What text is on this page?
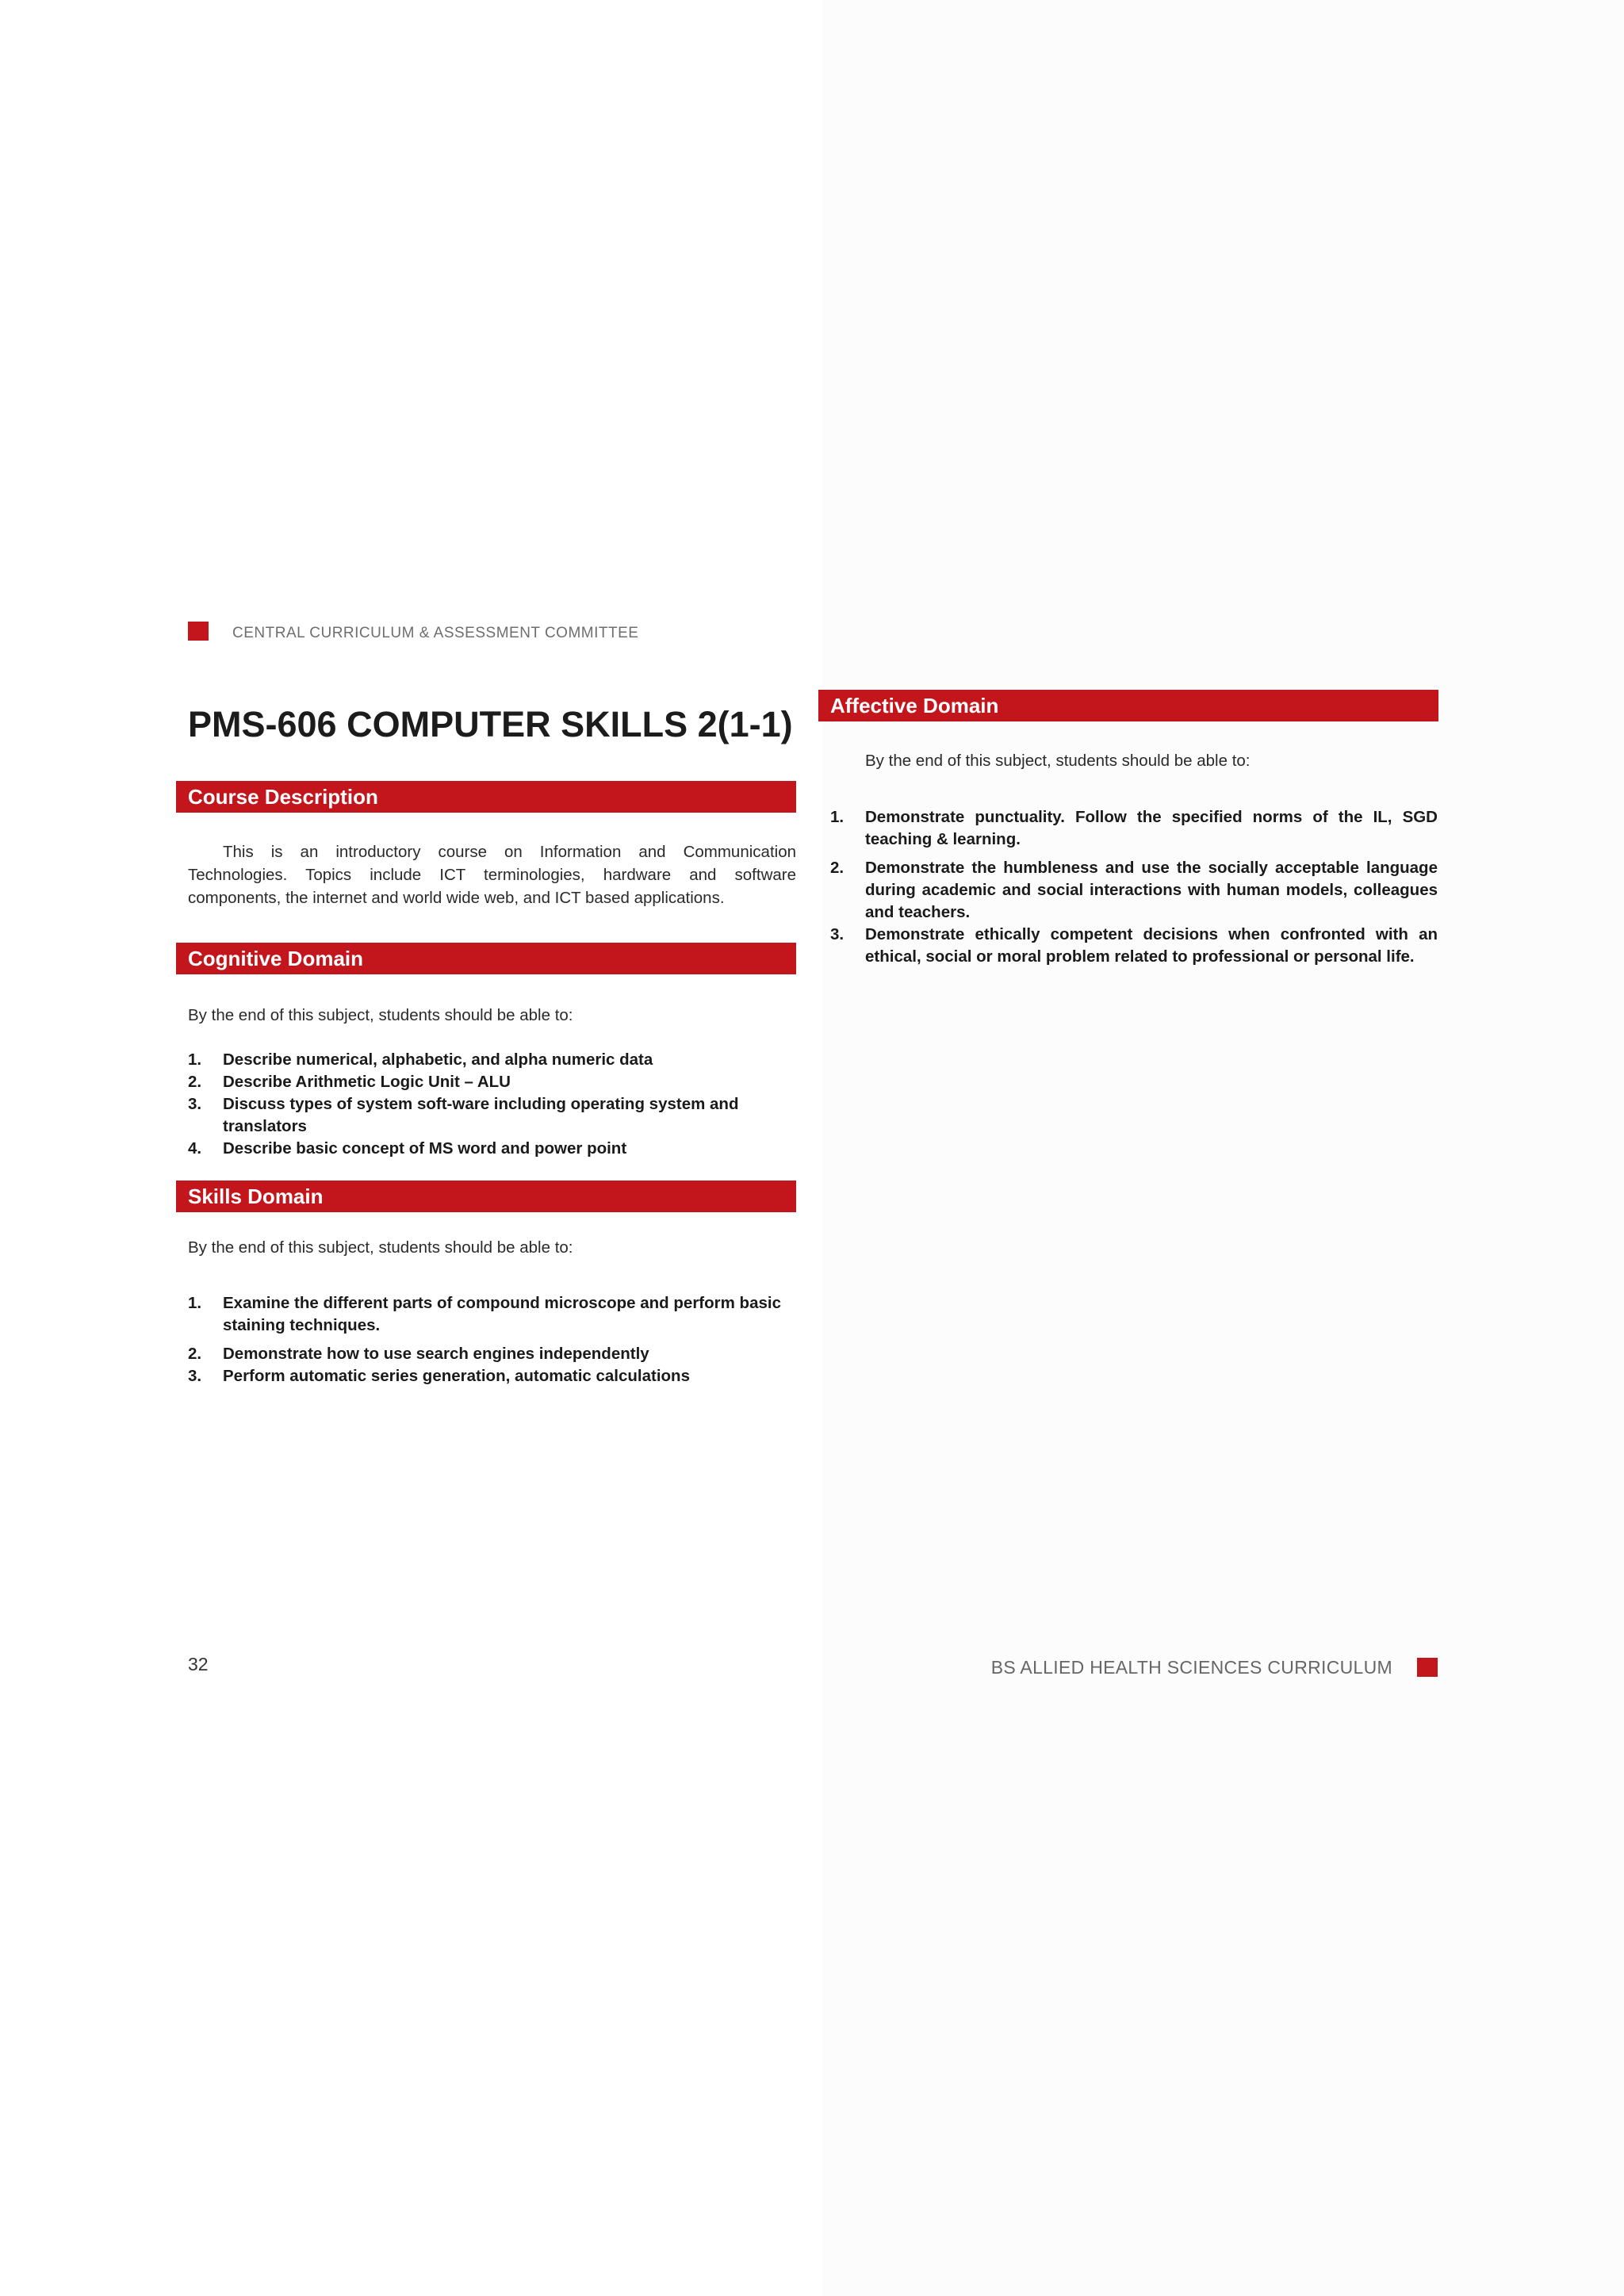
CENTRAL CURRICULUM & ASSESSMENT COMMITTEE
PMS-606 COMPUTER SKILLS 2(1-1)
Course Description

This is an introductory course on Information and Communication Technologies. Topics include ICT terminologies, hardware and software components, the internet and world wide web, and ICT based applications.

Cognitive Domain

By the end of this subject, students should be able to:

1. Describe numerical, alphabetic, and alpha numeric data
2. Describe Arithmetic Logic Unit – ALU
3. Discuss types of system soft-ware including operating system and translators
4. Describe basic concept of MS word and power point
Skills Domain

By the end of this subject, students should be able to:

1. Examine the different parts of compound microscope and perform basic staining techniques.
2. Demonstrate how to use search engines independently
3. Perform automatic series generation, automatic calculations
Affective Domain

By the end of this subject, students should be able to:

1. Demonstrate punctuality. Follow the specified norms of the IL, SGD teaching & learning.
2. Demonstrate the humbleness and use the socially acceptable language during academic and social interactions with human models, colleagues and teachers.
3. Demonstrate ethically competent decisions when confronted with an ethical, social or moral problem related to professional or personal life.
32	BS ALLIED HEALTH SCIENCES CURRICULUM
